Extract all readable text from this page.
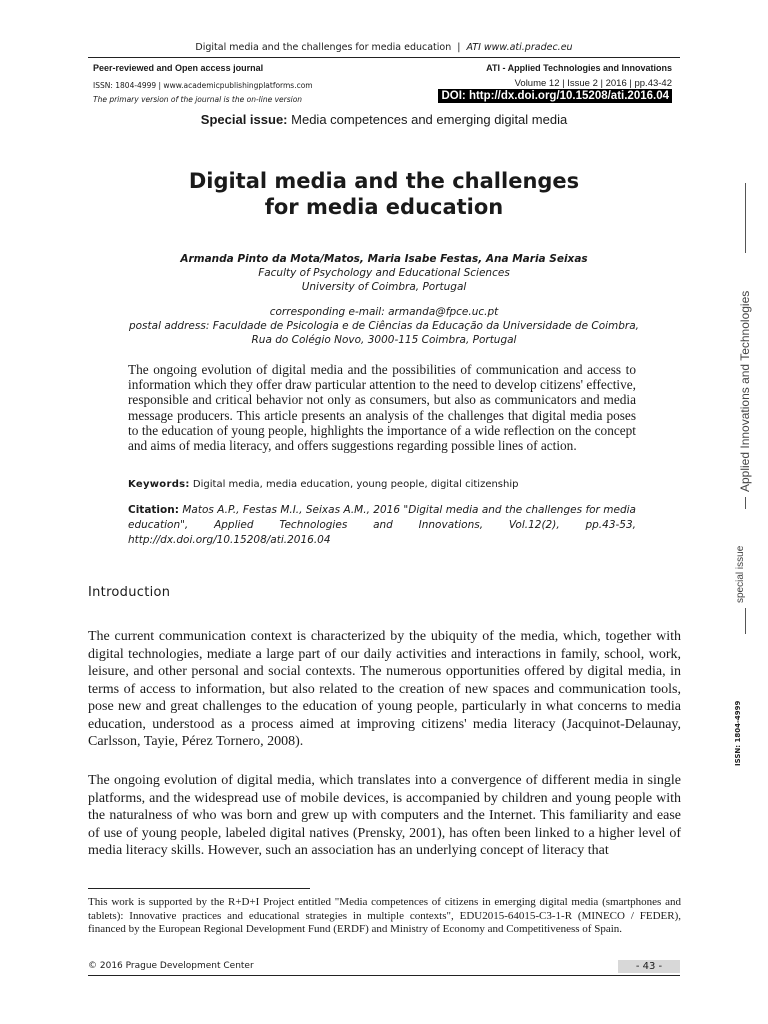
Digital media and the challenges for media education | ATI www.ati.pradec.eu
Peer-reviewed and Open access journal
ISSN: 1804-4999 | www.academicpublishingplatforms.com
The primary version of the journal is the on-line version
ATI - Applied Technologies and Innovations
Volume 12 | Issue 2 | 2016 | pp.43-42
DOI: http://dx.doi.org/10.15208/ati.2016.04
Special issue: Media competences and emerging digital media
Digital media and the challenges
for media education
Armanda Pinto da Mota/Matos, Maria Isabe Festas, Ana Maria Seixas
Faculty of Psychology and Educational Sciences
University of Coimbra, Portugal
corresponding e-mail: armanda@fpce.uc.pt
postal address: Faculdade de Psicologia e de Ciências da Educação da Universidade de Coimbra,
Rua do Colégio Novo, 3000-115 Coimbra, Portugal
The ongoing evolution of digital media and the possibilities of communication and access to information which they offer draw particular attention to the need to develop citizens' effective, responsible and critical behavior not only as consumers, but also as communicators and media message producers. This article presents an analysis of the challenges that digital media poses to the education of young people, highlights the importance of a wide reflection on the concept and aims of media literacy, and offers suggestions regarding possible lines of action.
Keywords: Digital media, media education, young people, digital citizenship
Citation: Matos A.P., Festas M.I., Seixas A.M., 2016 "Digital media and the challenges for media education", Applied Technologies and Innovations, Vol.12(2), pp.43-53, http://dx.doi.org/10.15208/ati.2016.04
Introduction
The current communication context is characterized by the ubiquity of the media, which, together with digital technologies, mediate a large part of our daily activities and interactions in family, school, work, leisure, and other personal and social contexts. The numerous opportunities offered by digital media, in terms of access to information, but also related to the creation of new spaces and communication tools, pose new and great challenges to the education of young people, particularly in what concerns to media education, understood as a process aimed at improving citizens' media literacy (Jacquinot-Delaunay, Carlsson, Tayie, Pérez Tornero, 2008).
The ongoing evolution of digital media, which translates into a convergence of different media in single platforms, and the widespread use of mobile devices, is accompanied by children and young people with the naturalness of who was born and grew up with computers and the Internet. This familiarity and ease of use of young people, labeled digital natives (Prensky, 2001), has often been linked to a higher level of media literacy skills. However, such an association has an underlying concept of literacy that
This work is supported by the R+D+I Project entitled "Media competences of citizens in emerging digital media (smartphones and tablets): Innovative practices and educational strategies in multiple contexts", EDU2015-64015-C3-1-R (MINECO / FEDER), financed by the European Regional Development Fund (ERDF) and Ministry of Economy and Competitiveness of Spain.
© 2016 Prague Development Center	- 43 -
Applied Innovations and Technologies
special issue
ISSN: 1804-4999
